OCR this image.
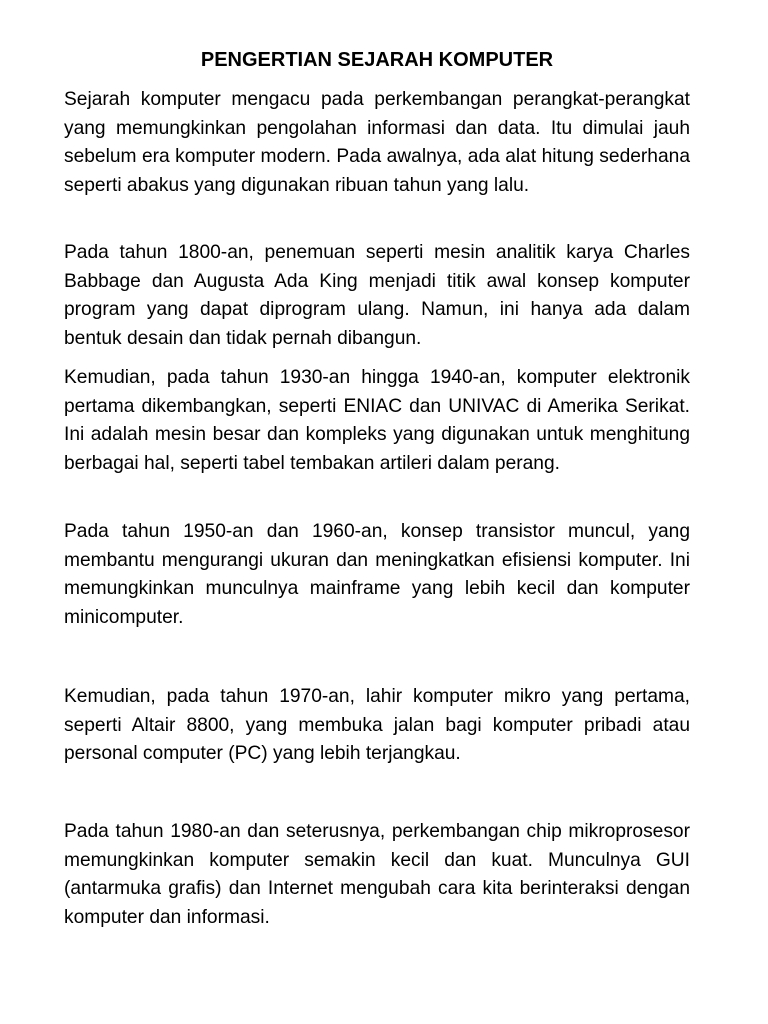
PENGERTIAN SEJARAH KOMPUTER

Sejarah komputer mengacu pada perkembangan perangkat-perangkat yang memungkinkan pengolahan informasi dan data. Itu dimulai jauh sebelum era komputer modern. Pada awalnya, ada alat hitung sederhana seperti abakus yang digunakan ribuan tahun yang lalu.

Pada tahun 1800-an, penemuan seperti mesin analitik karya Charles Babbage dan Augusta Ada King menjadi titik awal konsep komputer program yang dapat diprogram ulang. Namun, ini hanya ada dalam bentuk desain dan tidak pernah dibangun.

Kemudian, pada tahun 1930-an hingga 1940-an, komputer elektronik pertama dikembangkan, seperti ENIAC dan UNIVAC di Amerika Serikat. Ini adalah mesin besar dan kompleks yang digunakan untuk menghitung berbagai hal, seperti tabel tembakan artileri dalam perang.

Pada tahun 1950-an dan 1960-an, konsep transistor muncul, yang membantu mengurangi ukuran dan meningkatkan efisiensi komputer. Ini memungkinkan munculnya mainframe yang lebih kecil dan komputer minicomputer.

Kemudian, pada tahun 1970-an, lahir komputer mikro yang pertama, seperti Altair 8800, yang membuka jalan bagi komputer pribadi atau personal computer (PC) yang lebih terjangkau.

Pada tahun 1980-an dan seterusnya, perkembangan chip mikroprosesor memungkinkan komputer semakin kecil dan kuat. Munculnya GUI (antarmuka grafis) dan Internet mengubah cara kita berinteraksi dengan komputer dan informasi.
